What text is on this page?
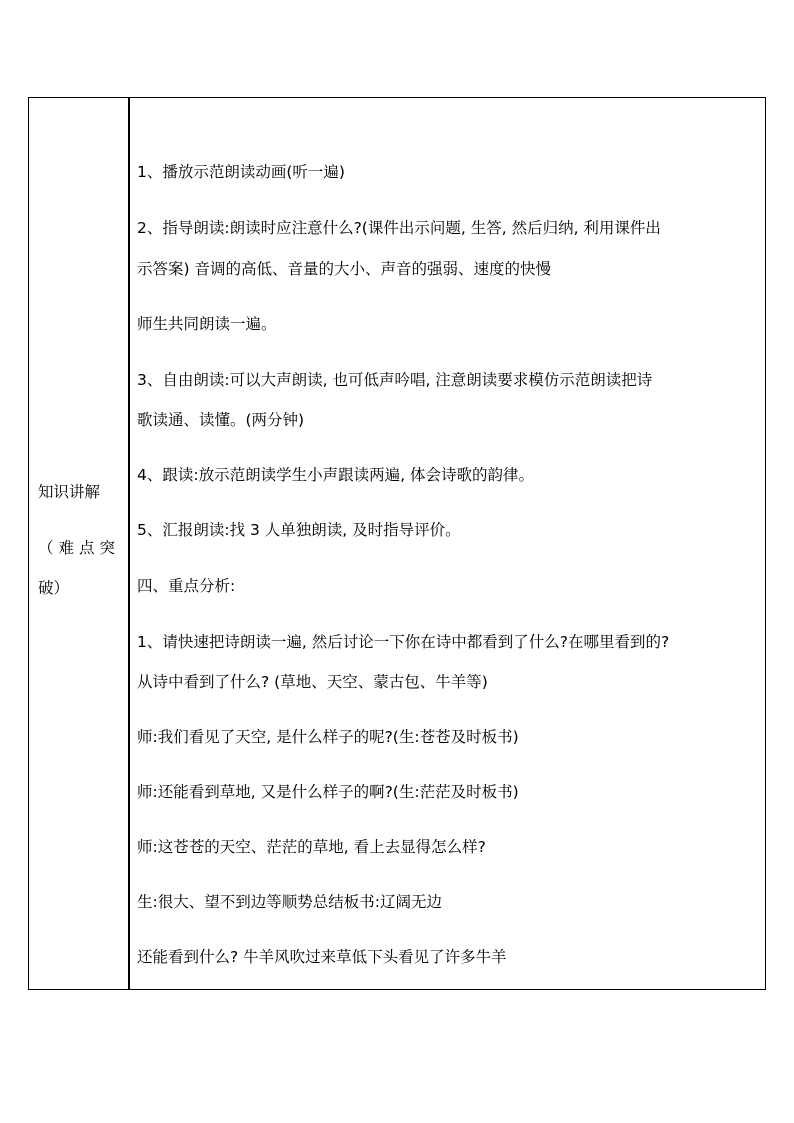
知识讲解
（难点突
破）
1、播放示范朗读动画(听一遍)
2、指导朗读:朗读时应注意什么?(课件出示问题, 生答, 然后归纳, 利用课件出
示答案) 音调的高低、音量的大小、声音的强弱、速度的快慢
师生共同朗读一遍。
3、自由朗读:可以大声朗读, 也可低声吟唱, 注意朗读要求模仿示范朗读把诗
歌读通、读懂。(两分钟)
4、跟读:放示范朗读学生小声跟读两遍, 体会诗歌的韵律。
5、汇报朗读:找 3 人单独朗读, 及时指导评价。
四、重点分析:
1、请快速把诗朗读一遍, 然后讨论一下你在诗中都看到了什么?在哪里看到的?
从诗中看到了什么? (草地、天空、蒙古包、牛羊等)
师:我们看见了天空, 是什么样子的呢?(生:苍苍及时板书)
师:还能看到草地, 又是什么样子的啊?(生:茫茫及时板书)
师:这苍苍的天空、茫茫的草地, 看上去显得怎么样?
生:很大、望不到边等顺势总结板书:辽阔无边
还能看到什么? 牛羊风吹过来草低下头看见了许多牛羊
